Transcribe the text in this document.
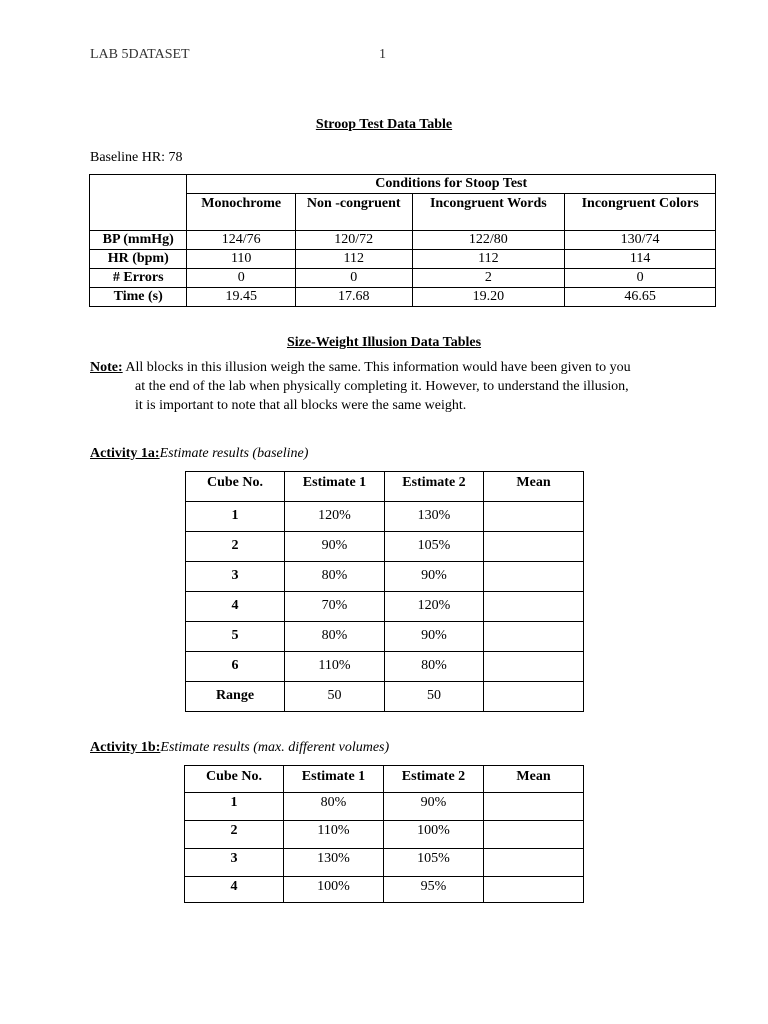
LAB 5DATASET	1
Stroop Test Data Table
Baseline HR: 78
	Conditions for Stoop Test			
	Monochrome	Non -congruent	Incongruent Words	Incongruent Colors
BP (mmHg)	124/76	120/72	122/80	130/74
HR (bpm)	110	112	112	114
# Errors	0	0	2	0
Time (s)	19.45	17.68	19.20	46.65
Size-Weight Illusion Data Tables
Note: All blocks in this illusion weigh the same. This information would have been given to you
at the end of the lab when physically completing it. However, to understand the illusion,
it is important to note that all blocks were the same weight.
Activity 1a:Estimate results (baseline)
Cube No.	Estimate 1	Estimate 2	Mean
1	120%	130%	
2	90%	105%	
3	80%	90%	
4	70%	120%	
5	80%	90%	
6	110%	80%	
Range	50	50	
Activity 1b:Estimate results (max. different volumes)
Cube No.	Estimate 1	Estimate 2	Mean
1	80%	90%	
2	110%	100%	
3	130%	105%	
4	100%	95%	
